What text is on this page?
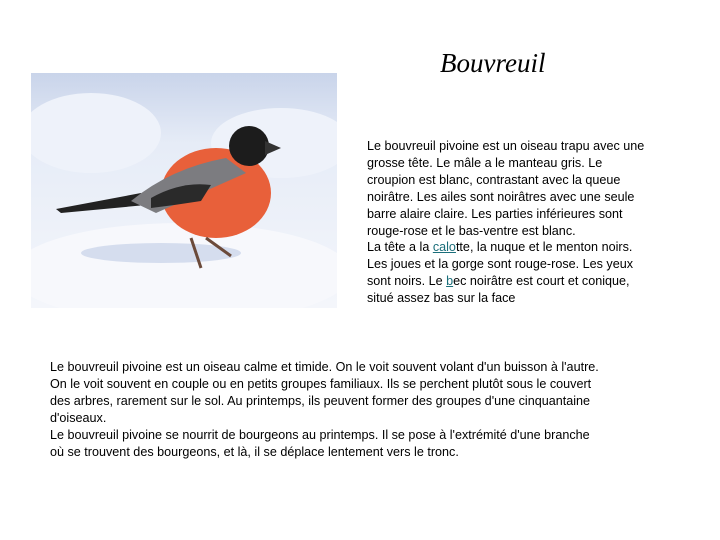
Bouvreuil
Le bouvreuil pivoine est un oiseau trapu avec une
grosse tête. Le mâle a le manteau gris. Le
croupion est blanc, contrastant avec la queue
noirâtre. Les ailes sont noirâtres avec une seule
barre alaire claire. Les parties inférieures sont
rouge-rose et le bas-ventre est blanc.
La tête a la calotte, la nuque et le menton noirs.
Les joues et la gorge sont rouge-rose. Les yeux
sont noirs. Le bec noirâtre est court et conique,
situé assez bas sur la face
Le bouvreuil pivoine est un oiseau calme et timide. On le voit souvent volant d'un buisson à l'autre.
On le voit souvent en couple ou en petits groupes familiaux. Ils se perchent plutôt sous le couvert
des arbres, rarement sur le sol. Au printemps, ils peuvent former des groupes d'une cinquantaine
d'oiseaux.
Le bouvreuil pivoine se nourrit de bourgeons au printemps. Il se pose à l'extrémité d'une branche
où se trouvent des bourgeons, et là, il se déplace lentement vers le tronc.
